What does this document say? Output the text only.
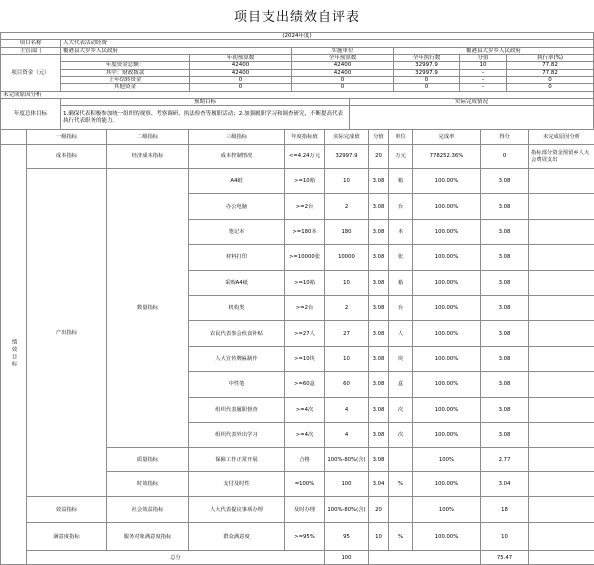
项目支出绩效自评表
(2024年度)							
项目名称	人大代表活动经费						
主管部门	覆港县大岁乡人民政府		实施单位		覆港县大岁乡人民政府		
项目资金（元）		年初预算数	全年预算数		全年执行数	分值	执行率(%)
	年度资金总额：	42400	42400		32997.9	10	77.82
	其中：财政拨款	42400	42400		32997.9	–	77.82
	上年结转资金	0	0		0	–	0
	其他资金	0	0		0	–	0
未完成原因分析							
年度总体目标	预期目标			实际完成情况			
	1.确保代表积极参加统一组织的视察、考察调研、执法检查等履职活动；2.加强履职学习和调查研究，不断提高代表执行代表职务的能力。						
	一级指标	二级指标	三级指标	年度指标值	实际完成值	分值	单位	完成率	得分	未完成原因分析
绩效目标	成本指标	经济成本指标	成本控制情况	<=4.24万元	32997.9	20	万元	778252.36%	0	指标部分资金预留乡人大会费周支出
	产出指标	数量指标	A4纸	>=10箱	10	3.08	箱	100.00%	3.08	
			办公电脑	>=2台	2	3.08	台	100.00%	3.08	
			笔记本	>=180本	180	3.08	本	100.00%	3.08	
			材料打印	>=10000张	10000	3.08	张	100.00%	3.08	
			采购A4纸	>=10箱	10	3.08	箱	100.00%	3.08	
			机构类	>=2台	2	3.08	台	100.00%	3.08	
			农民代表参会伙食补贴	>=27人	27	3.08	人	100.00%	3.08	
			人大宣传牌匾制作	>=10块	10	3.08	块	100.00%	3.08	
			中性笔	>=60盒	60	3.08	盒	100.00%	3.08	
			组织代表履职督查	>=4次	4	3.08	次	100.00%	3.08	
			组织代表外出学习	>=4次	4	3.08	次	100.00%	3.08	
		质量指标	保障工作正常开展	合格	100%-80%(含)	3.08		100%	2.77	
		时效指标	支付及时性	=100%	100	3.04	%	100.00%	3.04	
	效益指标	社会效益指标	人大代表提议事项办理	及时办理	100%-80%(含)	20		100%	18	
	满意度指标	服务对象满意度指标	群众满意度	>=95%	95	10	%	100.00%	10	
	总分				100				75.47	
